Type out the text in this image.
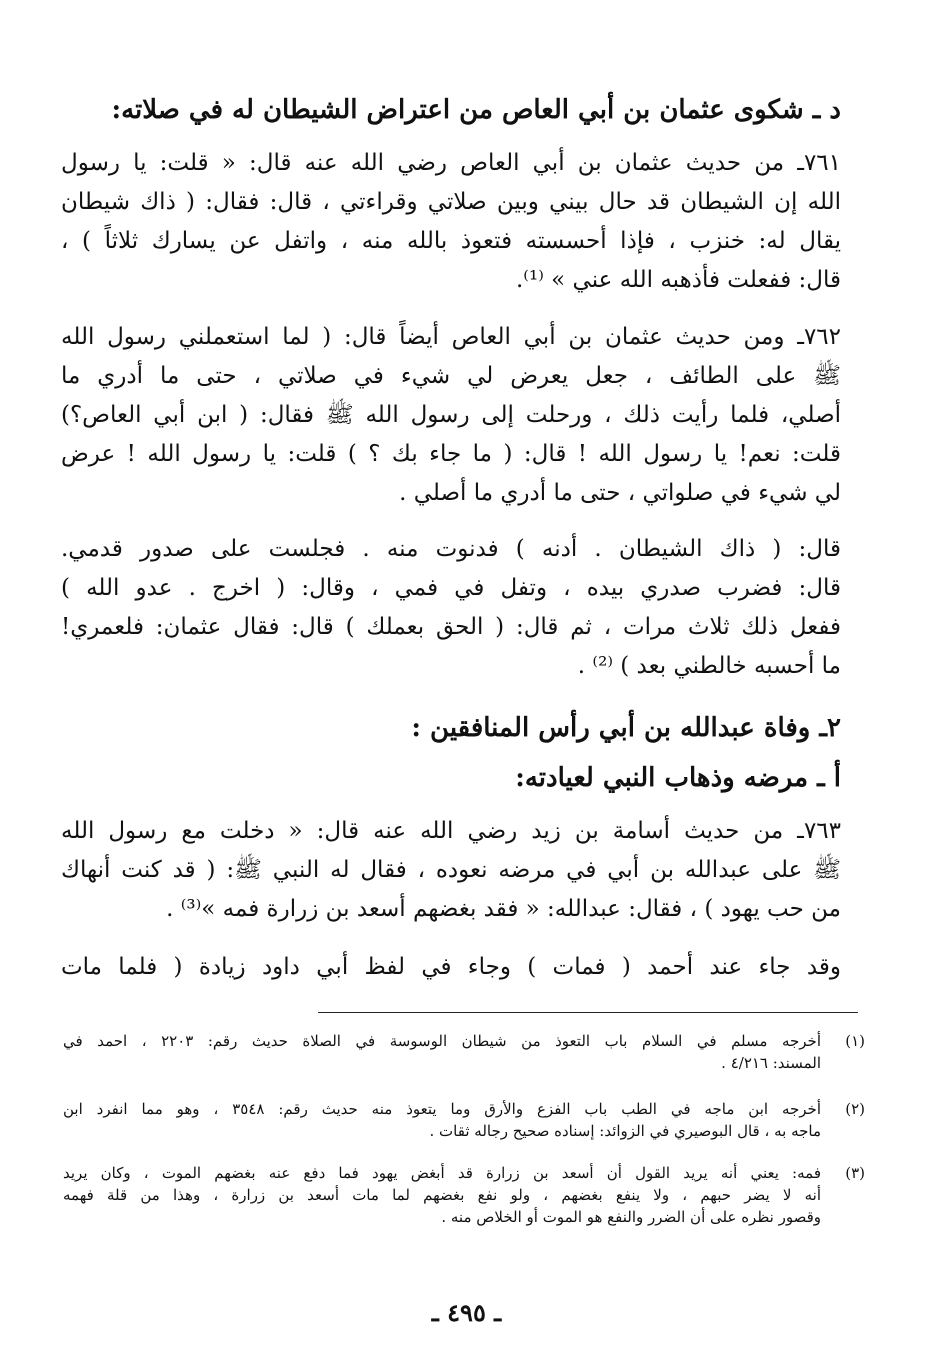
د ـ شكوى عثمان بن أبي العاص من اعتراض الشيطان له في صلاته:
٧٦١ـ من حديث عثمان بن أبي العاص رضي الله عنه قال: « قلت: يا رسول
الله إن الشيطان قد حال بيني وبين صلاتي وقراءتي ، قال: فقال: ( ذاك شيطان
يقال له: خنزب ، فإذا أحسسته فتعوذ بالله منه ، واتفل عن يسارك ثلاثاً ) ،
قال: ففعلت فأذهبه الله عني » ⁽¹⁾.
٧٦٢ـ ومن حديث عثمان بن أبي العاص أيضاً قال: ( لما استعملني رسول الله
ﷺ على الطائف ، جعل يعرض لي شيء في صلاتي ، حتى ما أدري ما
أصلي، فلما رأيت ذلك ، ورحلت إلى رسول الله ﷺ فقال: ( ابن أبي العاص؟)
قلت: نعم! يا رسول الله ! قال: ( ما جاء بك ؟ ) قلت: يا رسول الله ! عرض
لي شيء في صلواتي ، حتى ما أدري ما أصلي .
قال: ( ذاك الشيطان . أدنه ) فدنوت منه . فجلست على صدور قدمي.
قال: فضرب صدري بيده ، وتفل في فمي ، وقال: ( اخرج . عدو الله )
ففعل ذلك ثلاث مرات ، ثم قال: ( الحق بعملك ) قال: فقال عثمان: فلعمري!
ما أحسبه خالطني بعد ) ⁽²⁾ .
٢ـ وفاة عبدالله بن أبي رأس المنافقين :
أ ـ مرضه وذهاب النبي لعيادته:
٧٦٣ـ من حديث أسامة بن زيد رضي الله عنه قال: « دخلت مع رسول الله
ﷺ على عبدالله بن أبي في مرضه نعوده ، فقال له النبي ﷺ: ( قد كنت أنهاك
من حب يهود ) ، فقال: عبدالله: « فقد بغضهم أسعد بن زرارة فمه »⁽³⁾ .
وقد جاء عند أحمد ( فمات ) وجاء في لفظ أبي داود زيادة ( فلما مات
(١)
أخرجه مسلم في السلام باب التعوذ من شيطان الوسوسة في الصلاة حديث رقم: ٢٢٠٣ ، احمد في
المسند: ٤/٢١٦ .
(٢)
أخرجه ابن ماجه في الطب باب الفزع والأرق وما يتعوذ منه حديث رقم: ٣٥٤٨ ، وهو مما انفرد ابن
ماجه به ، قال البوصيري في الزوائد: إسناده صحيح رجاله ثقات .
(٣)
فمه: يعني أنه يريد القول أن أسعد بن زرارة قد أبغض يهود فما دفع عنه بغضهم الموت ، وكان يريد
أنه لا يضر حبهم ، ولا ينفع بغضهم ، ولو نفع بغضهم لما مات أسعد بن زرارة ، وهذا من قلة فهمه
وقصور نظره على أن الضرر والنفع هو الموت أو الخلاص منه .
ـ ٤٩٥ ـ
